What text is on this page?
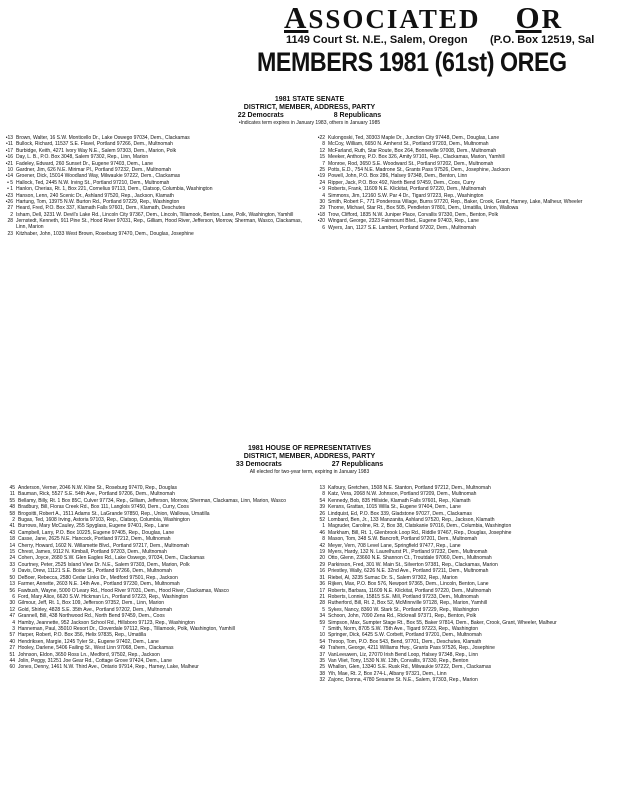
ASSOCIATED OR
1149 Court St. N.E., Salem, Oregon (P.O. Box 12519, Sal
MEMBERS 1981 (61st) OREG
1981 STATE SENATE
DISTRICT, MEMBER, ADDRESS, PARTY
22 Democrats	8 Republicans
•Indicates term expires in January 1983, others in January 1985
•13 Brown, Walter, 16 S.W. Monticello Dr., Lake Oswego 97034, Dem., Clackamas
•11 Bullock, Richard, 11537 S.E. Flavel, Portland 97266, Dem., Multnomah
•17 Burbidge, Keith, 4271 Ivory Way N.E., Salem 97303, Dem., Marion, Polk
•16 Day, L. B., P.O. Box 3048, Salem 97302, Rep., Linn, Marion
•21 Fadeley, Edward, 260 Sunset Dr., Eugene 97403, Dem., Lane
10 Gardner, Jim, 626 N.E. Mirimar Pl., Portland 97232, Dem., Multnomah
•14 Groener, Dick, 15014 Woodland Way, Milwaukie 97222, Dem., Clackamas
• 5 Hallock, Ted, 2445 N.W. Irving St., Portland 97210, Dem., Multnomah
• 1 Hanlon, Cherias, Rt. 1, Box 221, Cornelius 97113, Dem., Clatsop, Columbia, Washington
•23 Hanson, Lenn, 240 Scenic Dr., Ashland 97520, Rep., Jackson, Klamath
•26 Hartung, Tom, 13975 N.W. Burton Rd., Portland 97229, Rep., Washington
27 Heard, Fred, P.O. Box 337, Klamath Falls 97601, Dem., Klamath, Deschutes
2 Isham, Dell, 3231 W. Devil's Lake Rd., Lincoln City 97367, Dem., Lincoln, Tillamook, Benton, Lane, Polk, Washington, Yamhill
28 Jernstedt, Kenneth, 911 Pine St., Hood River 97031, Rep., Gilliam, Hood River, Jefferson, Morrow, Sherman, Wasco, Clackamas, Linn, Marion
23 Kitzhaber, John, 1033 West Brown, Roseburg 97470, Dem., Douglas, Josephine
•22 Kulongoski, Ted, 30303 Maple Dr., Junction City 97448, Dem., Douglas, Lane
8 McCoy, William, 6650 N. Amherst St., Portland 97203, Dem., Multnomah
12 McFarland, Ruth, Star Route, Box 264, Bonneville 97008, Dem., Multnomah
15 Meeker, Anthony, P.O. Box 326, Amity 97101, Rep., Clackamas, Marion, Yamhill
7 Monroe, Rod, 3650 S.E. Woodward St., Portland 97202, Dem., Multnomah
25 Potts, E.D., 754 N.E. Madrone St., Grants Pass 97526, Dem., Josephine, Jackson
•19 Powell, John, P.O. Box 286, Halsey 97348, Dem., Benton, Linn
24 Ripper, Jack, P.O. Box 492, North Bend 97459, Dem., Coos, Curry
• 9 Roberts, Frank, 11609 N.E. Klickitat, Portland 97220, Dem., Multnomah
4 Simmons, Jim, 12160 S.W. Par 4 Dr., Tigard 97223, Rep., Washington
30 Smith, Robert F., 771 Ponderosa Village, Burns 97720, Rep., Baker, Crook, Grant, Harney, Lake, Malheur, Wheeler
29 Thorne, Michael, Star Rt., Box 505, Pendleton 97801, Dem., Umatilla, Union, Wallowa
•18 Trow, Clifford, 1835 N.W. Juniper Place, Corvallis 97330, Dem., Benton, Polk
•20 Wingard, George, 2323 Fairmount Blvd., Eugene 97403, Rep., Lane
6 Wyers, Jan, 1127 S.E. Lambert, Portland 97202, Dem., Multnomah
1981 HOUSE OF REPRESENTATIVES
DISTRICT, MEMBER, ADDRESS, PARTY
33 Democrats	27 Republicans
All elected for two-year term, expiring in January 1983
45 Anderson, Verner, 2046 N.W. Kline St., Roseburg 97470, Rep., Douglas
11 Bauman, Rick, 5527 S.E. 54th Ave., Portland 97206, Dem., Multnomah
55 Bellamy, Billy, Rt. 1 Box 85C, Culver 97734, Rep., Gilliam, Jefferson, Morrow, Sherman, Clackamas, Linn, Marion, Wasco
48 Bradbury, Bill, Floras Creek Rd., Box 111, Langlois 97450, Dem., Curry, Coos
58 Brogoitti, Robert A., 1511 Adams St., LaGrande 97850, Rep., Union, Wallowa, Umatilla
2 Bugas, Ted, 1608 Irving, Astoria 97103, Rep., Clatsop, Columbia, Washington
41 Burrows, Mary McCauley, 255 Spyglass, Eugene 97401, Rep., Lane
43 Campbell, Larry, P.O. Box 10225, Eugene 97405, Rep., Douglas, Lane
18 Casse, Jane, 2625 N.E. Hancock, Portland 97212, Dem., Multnomah
14 Cherry, Howard, 1602 N. Willamette Blvd., Portland 97217, Dem., Multnomah
15 Chrest, James, 9112 N. Kimball, Portland 97203, Dem., Multnomah
24 Cohen, Joyce, 2680 S.W. Glen Eagles Rd., Lake Oswego, 97034, Dem., Clackamas
33 Courtney, Peter, 2525 Island View Dr. N.E., Salem 97303, Dem., Marion, Polk
9 Davis, Drew, 11121 S.E. Boise St., Portland 97266, Dem., Multnomah
50 DeBoer, Rebecca, 2580 Cedar Links Dr., Medford 97501, Rep., Jackson
13 Farmer, Annette, 2603 N.E. 14th Ave., Portland 97230, Dem., Multnomah
56 Fawbush, Wayne, 5000 O'Leary Rd., Hood River 97031, Dem., Hood River, Clackamas, Wasco
6 Ford, Mary Alice, 6620 S.W. Hickman Ln., Portland 97223, Rep., Washington
30 Gilmour, Jeff, Rt. 1, Box 109, Jefferson 97352, Dem., Linn, Marion
12 Gold, Shirley, 4828 S.E. 35th Ave., Portland 97202, Dem., Multnomah
47 Grannell, Bill, 438 Northwood Rd., North Bend 97459, Dem., Coos
4 Hamby, Jeannette, 952 Jackson School Rd., Hillsboro 97123, Rep., Washington
3 Hanneman, Paul, 35010 Resort Dr., Cloverdale 97112, Rep., Tillamook, Polk, Washington, Yamhill
57 Harper, Robert, P.O. Box 356, Helix 97835, Rep., Umatilla
40 Hendriksen, Margie, 1245 Tyler St., Eugene 97402, Dem., Lane
27 Hooley, Darlene, 5406 Failing St., West Linn 97068, Dem., Clackamas
51 Johnson, Eldon, 3650 Ross Ln., Medford, 97502, Rep., Jackson
44 Jolin, Peggy, 31251 Joe Gear Rd., Cottage Grove 97424, Dem., Lane
60 Jones, Denny, 1461 N.W. Third Ave., Ontario 97914, Rep., Harney, Lake, Malheur
13 Kafoury, Gretchen, 1508 N.E. Stanton, Portland 97212, Dem., Multnomah
8 Katz, Vera, 2068 N.W. Johnson, Portland 97209, Dem., Multnomah
54 Kennedy, Bob, 835 Hillside, Klamath Falls 97601, Rep., Klamath
39 Kerans, Grattan, 1015 Willa St., Eugene 97404, Dem., Lane
26 Lindquist, Ed, P.O. Box 339, Gladstone 97027, Dem., Clackamas
52 Lombard, Ben, Jr., 133 Manzanita, Ashland 97520, Rep., Jackson, Klamath
1 Magruder, Caroline, Rt. 2, Box 38, Clatskanie 97016, Dem., Columbia, Washington
46 Markham, Bill, Rt. 1, Glenbrook Loop Rd., Riddle 97467, Rep., Douglas, Josephine
8 Mason, Tom, 348 S.W. Bancroft, Portland 97201, Dem., Multnomah
42 Meyer, Vern, 708 Level Lane, Springfield 97477, Rep., Lane
19 Myers, Hardy, 132 N. Laurelhurst Pl., Portland 97232, Dem., Multnomah
20 Otto, Glenn, 23660 N.E. Shannon Ct., Troutdale 97060, Dem., Multnomah
29 Parkinson, Fred, 301 W. Main St., Silverton 97381, Rep., Clackamas, Marion
16 Priestley, Wally, 6226 N.E. 32nd Ave., Portland 97211, Dem., Multnomah
31 Riebel, Al, 3235 Sumac Dr. S., Salem 97302, Rep., Marion
36 Rijken, Max, P.O. Box 576, Newport 97365, Dem., Lincoln, Benton, Lane
17 Roberts, Barbara, 11609 N.E. Klickitat, Portland 97220, Dem., Multnomah
21 Roberts, Lonnie, 15815 S.E. Mill, Portland 97233, Dem., Multnomah
28 Rutherford, Bill, Rt. 2, Box 52, McMinnville 97128, Rep., Marion, Yamhill
5 Sykes, Nancy, 8360 W. Stark St., Portland 97229, Rep., Washington
34 Schoon, John, 7090 Zena Rd., Rickreall 97371, Rep., Benton, Polk
59 Simpson, Max, Sumpter Stage Rt., Box 55, Baker 97814, Dem., Baker, Crook, Grant, Wheeler, Malheur
7 Smith, Norm, 8705 S.W. 75th Ave., Tigard 97223, Rep., Washington
10 Springer, Dick, 6425 S.W. Corbett, Portland 97201, Dem., Multnomah
54 Throop, Tom, P.O. Box 543, Bend, 97701, Dem., Deschutes, Klamath
49 Trahern, George, 4211 Williams Hwy., Grants Pass 97526, Rep., Josephine
37 VanLeeuwen, Liz, 27070 Irish Bend Loop, Halsey 97348, Rep., Linn
35 Van Vliet, Tony, 1530 N.W. 13th, Corvallis, 97330, Rep., Benton
25 Whallon, Glen, 13340 S.E. Rusk Rd., Milwaukie 97222, Dem., Clackamas
38 Yih, Mae, Rt. 2, Box 274-L, Albany 97321, Dem., Linn
32 Zajonc, Donna, 4780 Sesame St. N.E., Salem, 97303, Rep., Marion
